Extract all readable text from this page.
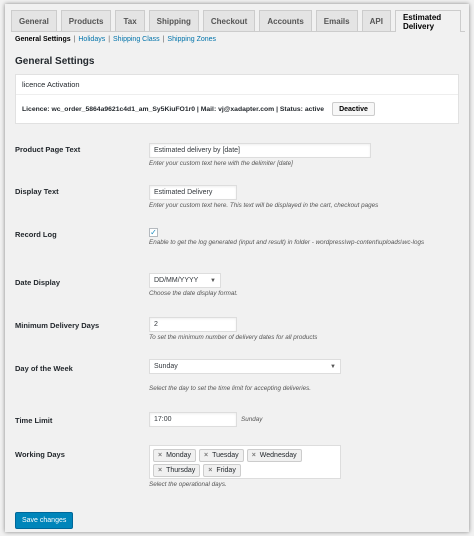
General	Products	Tax	Shipping	Checkout	Accounts	Emails	API	Estimated Delivery
General Settings | Holidays | Shipping Class | Shipping Zones
General Settings
licence Activation
Licence: wc_order_5864a9621c4d1_am_Sy5KiuFO1r0 | Mail: vj@xadapter.com | Status: active	Deactive
Product Page Text	Estimated delivery by [date]
Enter your custom text here with the delimiter [date]
Display Text	Estimated Delivery
Enter your custom text here. This text will be displayed in the cart, checkout pages
Record Log	✓
Enable to get the log generated (input and result) in folder - wordpress\wp-content\uploads\wc-logs
Date Display	DD/MM/YYYY ▼
Choose the date display format.
Minimum Delivery Days	2
To set the minimum number of delivery dates for all products
Day of the Week	Sunday	▼
Select the day to set the time limit for accepting deliveries.
Time Limit	17:00	Sunday
Working Days	× Monday × Tuesday × Wednesday
× Thursday × Friday
Select the operational days.
Save changes
